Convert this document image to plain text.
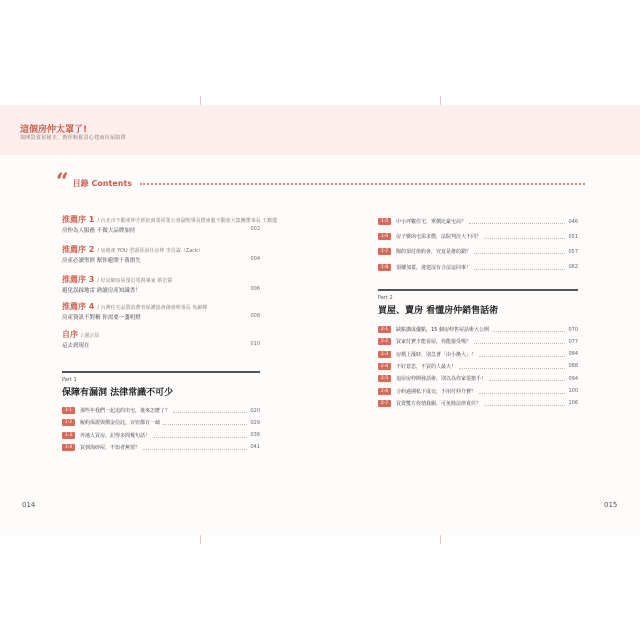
這個房仲太罩了!
揭開買賣屋秘辛，教你輕鬆買心建商坑屋陷阱
“ 目錄 Contents
推薦序 1 / 台北市不動產仲介經紀商業同業公會副理事長暨東龍不動產大集團董事長 王應龍
房仲為人服務 不做大品牌加持	002
推薦序 2 / 房地產 YOU 型頭哥前任房仲 李昌霖（Zack）
房產必讀聖經 幫你避開千萬損失	004
推薦序 3 / 好房網房屋預訂電視專家 蔡宏儒
避免誤踩地雷 熟讀房產知識書！	006
推薦序 4 / 台灣住宅品質消費者保護協會創會理事長 吳錦輝
房產資訊不對稱 你需要一盞明燈	008
自序 / 謝宗原
這去到現在	010
Part 1
保障有漏洞 法律常識不可少
1-1	那些年我們一起追的出宅，後來怎麼了？	020
1-2	履約保證與價金信託，百密都有一疏	029
1-3	外地人買房，記得多問幾句話！	036
1-4	買到海砂屋，不知者無罪？	041
1-5	中小坪數住宅，單價比豪宅高？	046
1-6	房子變凶宅需求償，法院判決大不同？	051
1-7	陶的頂付值約會，究竟是誰的錯？	057
1-8	頂樓加蓋，違建沒有合法這回事！	062
Part 2
買屋、賣房 看懂房仲銷售話術
2-1	缺點講成優點，15 個房仲售屋話術大公開	070
2-2	買家付費才能看屋，你能接受嗎？	077
2-3	房價上漲時，別急著「由小換大」！	084
2-4	不好意思，不買的人最大！	088
2-5	追屋房仲開發話術，別以為你家很搶手！	094
2-6	合約過期私下成交，不用付仲介費？	100
2-7	買賣雙方你情我願，可免除法律責任？	106
014	015
